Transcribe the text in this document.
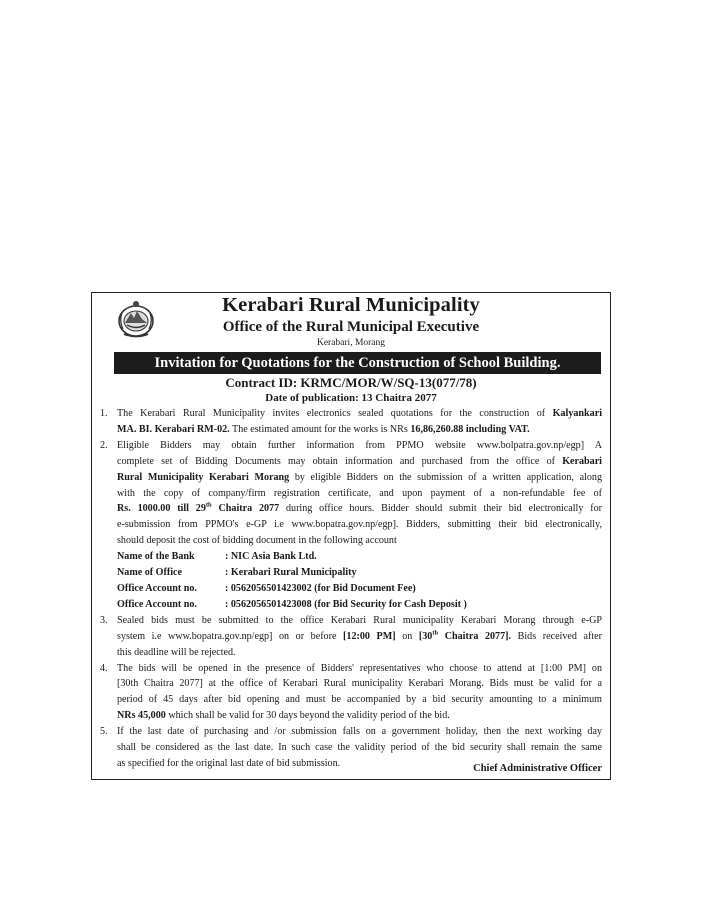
Kerabari Rural Municipality
Office of the Rural Municipal Executive
Kerabari, Morang
Invitation for Quotations for the Construction of School Building.
Contract ID: KRMC/MOR/W/SQ-13(077/78)
Date of publication: 13 Chaitra 2077
1. The Kerabari Rural Municipality invites electronics sealed quotations for the construction of Kalyankari
MA. BI. Kerabari RM-02. The estimated amount for the works is NRs 16,86,260.88 including VAT.
2. Eligible Bidders may obtain further information from PPMO website www.bolpatra.gov.np/egp] A
complete set of Bidding Documents may obtain information and purchased from the office of Kerabari
Rural Municipality Kerabari Morang by eligible Bidders on the submission of a written application, along
with the copy of company/firm registration certificate, and upon payment of a non-refundable fee of
Rs. 1000.00 till 29th Chaitra 2077 during office hours. Bidder should submit their bid electronically for
e-submission from PPMO's e-GP i.e www.bopatra.gov.np/egp]. Bidders, submitting their bid electronically,
should deposit the cost of bidding document in the following account
Name of the Bank	: NIC Asia Bank Ltd.
Name of Office	: Kerabari Rural Municipality
Office Account no.	: 0562056501423002 (for Bid Document Fee)
Office Account no.	: 0562056501423008 (for Bid Security for Cash Deposit )
3. Sealed bids must be submitted to the office Kerabari Rural municipality Kerabari Morang through e-GP
system i.e www.bopatra.gov.np/egp] on or before [12:00 PM] on [30th Chaitra 2077]. Bids received after
this deadline will be rejected.
4. The bids will be opened in the presence of Bidders' representatives who choose to attend at [1:00 PM] on
[30th Chaitra 2077] at the office of Kerabari Rural municipality Kerabari Morang. Bids must be valid for a
period of 45 days after bid opening and must be accompanied by a bid security amounting to a minimum
NRs 45,000 which shall be valid for 30 days beyond the validity period of the bid.
5. If the last date of purchasing and /or submission falls on a government holiday, then the next working day
shall be considered as the last date. In such case the validity period of the bid security shall remain the same
as specified for the original last date of bid submission.	Chief Administrative Officer
